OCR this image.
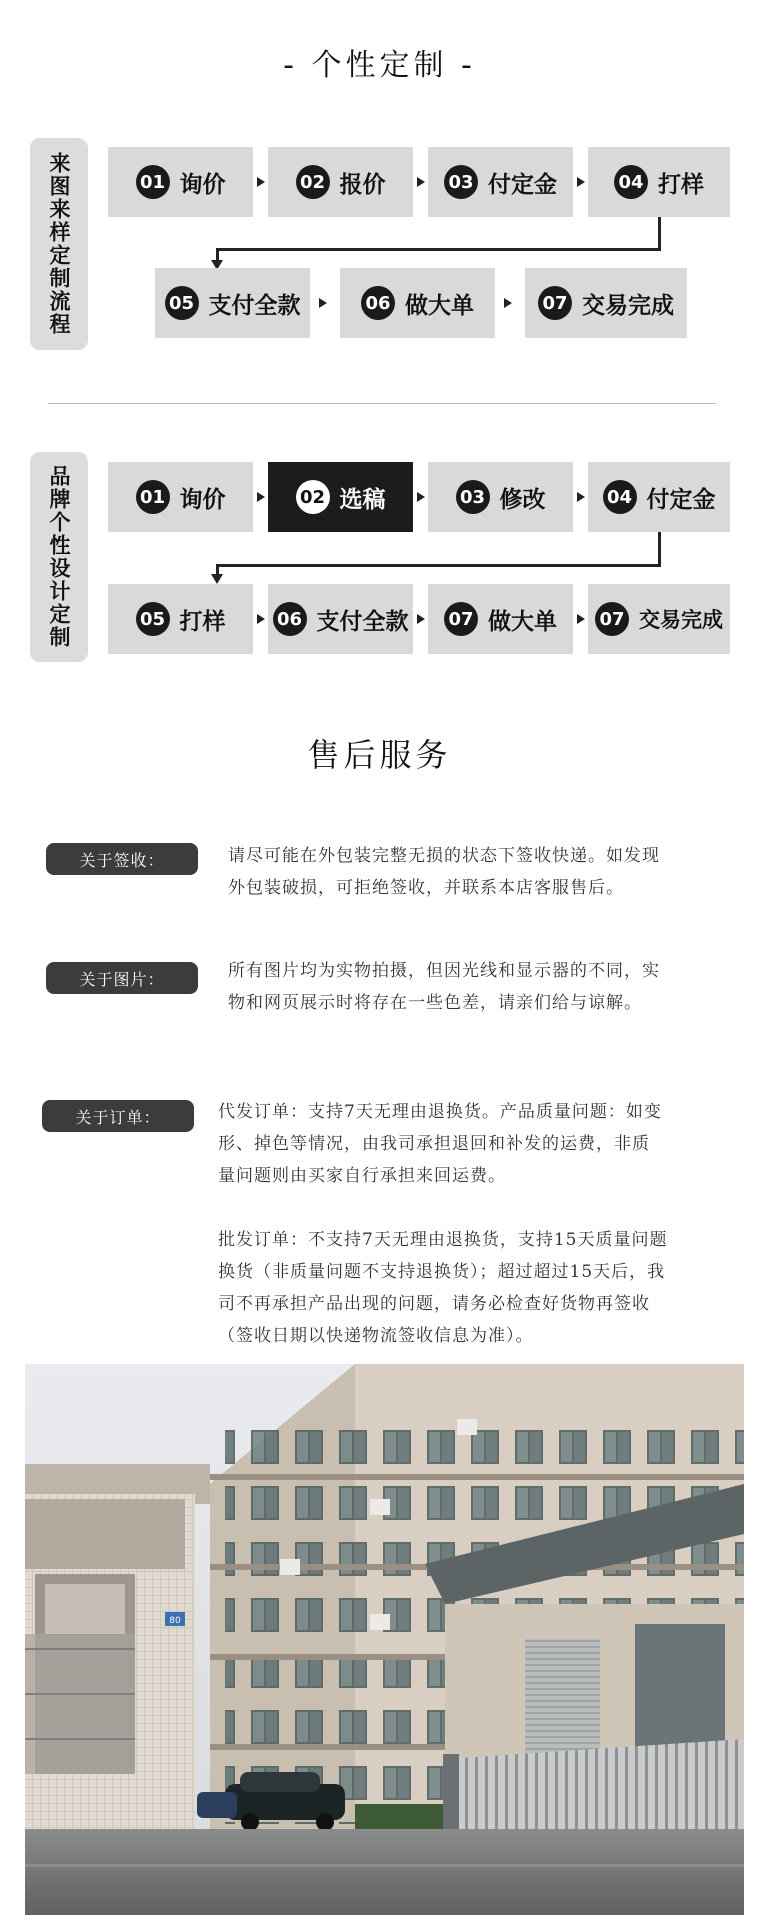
- 个性定制 -
来图来样定制流程	01 询价	02 报价	03 付定金	04 打样
05 支付全款	06 做大单	07 交易完成
品牌个性设计定制	01 询价	02 选稿	03 修改	04 付定金
05 打样	06 支付全款 07 做大单 07 交易完成
售后服务
关于签收：	请尽可能在外包装完整无损的状态下签收快递。如发现
外包装破损，可拒绝签收，并联系本店客服售后。
关于图片：	所有图片均为实物拍摄，但因光线和显示器的不同，实
物和网页展示时将存在一些色差，请亲们给与谅解。
关于订单：	代发订单：支持7天无理由退换货。产品质量问题：如变
形、掉色等情况，由我司承担退回和补发的运费，非质
量问题则由买家自行承担来回运费。
批发订单：不支持7天无理由退换货，支持15天质量问题
换货（非质量问题不支持退换货）；超过超过15天后，我
司不再承担产品出现的问题，请务必检查好货物再签收
（签收日期以快递物流签收信息为准）。
80
